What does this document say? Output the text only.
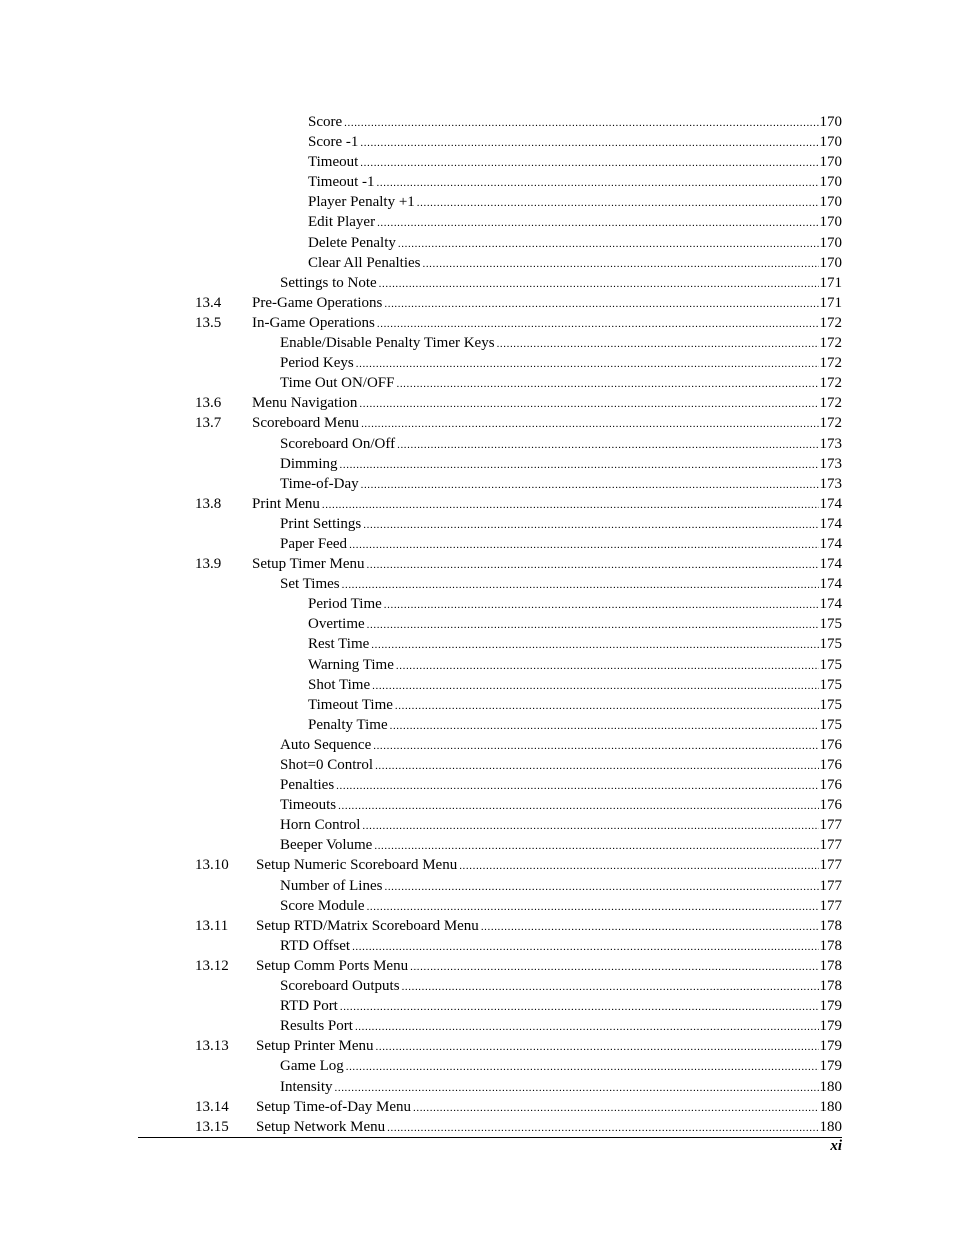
Score .....	170
Score -1 .....	170
Timeout .....	170
Timeout -1 .....	170
Player Penalty +1 .....	170
Edit Player .....	170
Delete Penalty .....	170
Clear All Penalties .....	170
Settings to Note .....	171
13.4 Pre-Game Operations .....	171
13.5 In-Game Operations .....	172
Enable/Disable Penalty Timer Keys .....	172
Period Keys .....	172
Time Out ON/OFF .....	172
13.6 Menu Navigation .....	172
13.7 Scoreboard Menu .....	172
Scoreboard On/Off .....	173
Dimming .....	173
Time-of-Day .....	173
13.8 Print Menu .....	174
Print Settings .....	174
Paper Feed .....	174
13.9 Setup Timer Menu .....	174
Set Times .....	174
Period Time .....	174
Overtime .....	175
Rest Time .....	175
Warning Time .....	175
Shot Time .....	175
Timeout Time .....	175
Penalty Time .....	175
Auto Sequence .....	176
Shot=0 Control .....	176
Penalties .....	176
Timeouts .....	176
Horn Control .....	177
Beeper Volume .....	177
13.10 Setup Numeric Scoreboard Menu .....	177
Number of Lines .....	177
Score Module .....	177
13.11 Setup RTD/Matrix Scoreboard Menu .....	178
RTD Offset .....	178
13.12 Setup Comm Ports Menu .....	178
Scoreboard Outputs .....	178
RTD Port .....	179
Results Port .....	179
13.13 Setup Printer Menu .....	179
Game Log .....	179
Intensity .....	180
13.14 Setup Time-of-Day Menu .....	180
13.15 Setup Network Menu .....	180
xi
